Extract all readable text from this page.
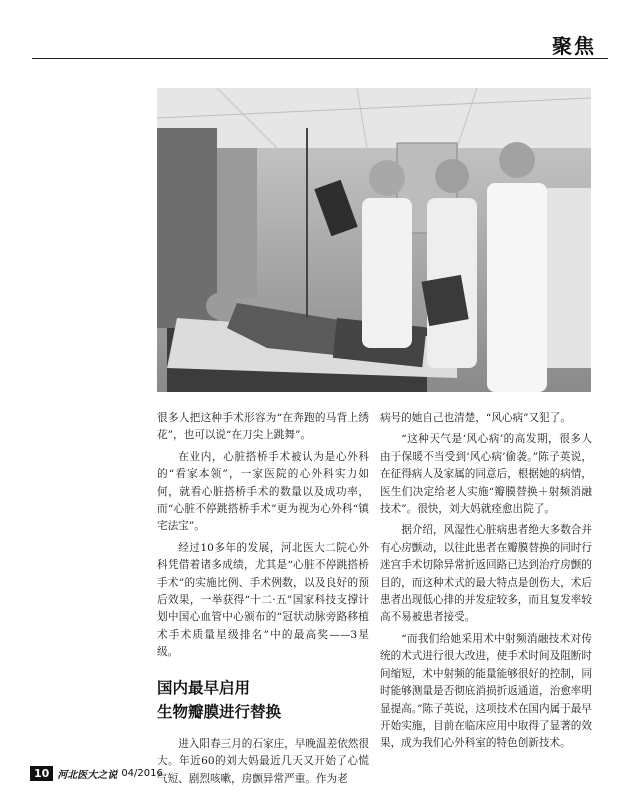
聚焦

很多人把这种手术形容为“在奔跑的马背上绣花”，也可以说“在刀尖上跳舞”。

在业内，心脏搭桥手术被认为是心外科的“看家本领”，一家医院的心外科实力如何，就看心脏搭桥手术的数量以及成功率，而“心脏不停跳搭桥手术”更为视为心外科“镇宅法宝”。

经过10多年的发展，河北医大二院心外科凭借着诸多成绩，尤其是“心脏不停跳搭桥手术”的实施比例、手术例数，以及良好的预后效果，一举获得“十二·五”国家科技支撑计划中国心血管中心颁布的“冠状动脉旁路移植术手术质量星级排名”中的最高奖——3星级。

国内最早启用
生物瓣膜进行替换

进入阳春三月的石家庄，早晚温差依然很大。年近60的刘大妈最近几天又开始了心慌气短、剧烈咳嗽，房颤异常严重。作为老

病号的她自己也清楚，“风心病”又犯了。

“这种天气是‘风心病’的高发期，很多人由于保暖不当受到‘风心病’偷袭。”陈子英说，在征得病人及家属的同意后，根据她的病情，医生们决定给老人实施“瓣膜替换＋射频消融技术”。很快，刘大妈就痊愈出院了。

据介绍，风湿性心脏病患者绝大多数合并有心房颤动，以往此患者在瓣膜替换的同时行迷宫手术切除异常折返回路已达到治疗房颤的目的，而这种术式的最大特点是创伤大，术后患者出现低心排的并发症较多，而且复发率较高不易被患者接受。

“而我们给她采用术中射频消融技术对传统的术式进行很大改进，使手术时间及阻断时间缩短，术中射频的能量能够很好的控制，同时能够测量是否彻底消损折返通道，治愈率明显提高。”陈子英说，这项技术在国内属于最早开始实施，目前在临床应用中取得了显著的效果，成为我们心外科室的特色创新技术。

10 河北医大之说 04/2016
